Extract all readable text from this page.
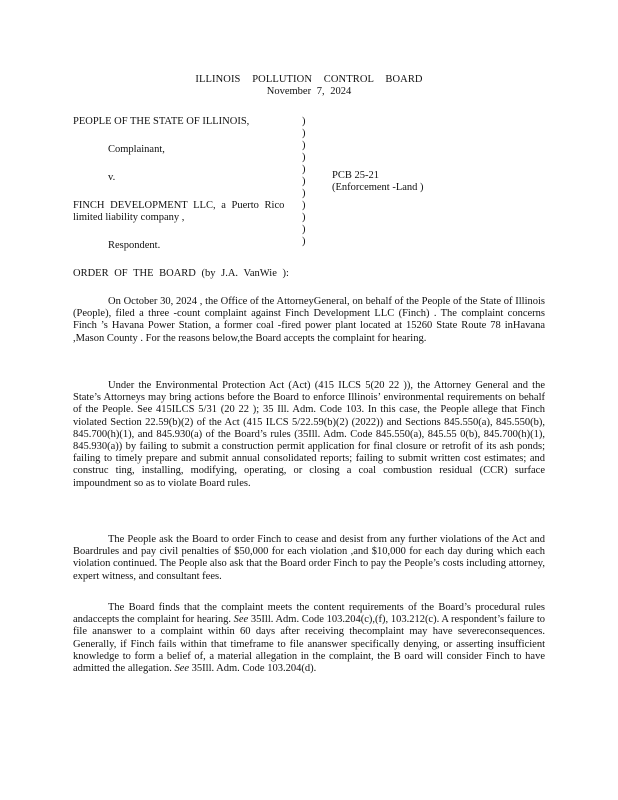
ILLINOIS POLLUTION CONTROL BOARD
November 7, 2024
PEOPLE OF THE STATE OF ILLINOIS,
Complainant,
v.
FINCH DEVELOPMENT LLC, a Puerto Rico
limited liability company ,
Respondent.
)
)
)
)
)
)
)
)
)
)
)
PCB 25-21
(Enforcement -Land )
ORDER OF THE BOARD (by J.A. VanWie ):

On October 30, 2024 , the Office of the AttorneyGeneral, on behalf of the People of the State of Illinois (People), filed a three -count complaint against Finch Development LLC (Finch) . The complaint concerns Finch ’s Havana Power Station, a former coal -fired power plant located at 15260 State Route 78 inHavana ,Mason County . For the reasons below,the Board accepts the complaint for hearing.

Under the Environmental Protection Act (Act) (415 ILCS 5(20 22 )), the Attorney General and the State’s Attorneys may bring actions before the Board to enforce Illinois’ environmental requirements on behalf of the People. See 415ILCS 5/31 (20 22 ); 35 Ill. Adm. Code 103. In this case, the People allege that Finch violated Section 22.59(b)(2) of the Act (415 ILCS 5/22.59(b)(2) (2022)) and Sections 845.550(a), 845.550(b), 845.700(h)(1), and 845.930(a) of the Board’s rules (35Ill. Adm. Code 845.550(a), 845.55 0(b), 845.700(h)(1), 845.930(a)) by failing to submit a construction permit application for final closure or retrofit of its ash ponds; failing to timely prepare and submit annual consolidated reports; failing to submit written cost estimates; and construc ting, installing, modifying, operating, or closing a coal combustion residual (CCR) surface impoundment so as to violate Board rules.

The People ask the Board to order Finch to cease and desist from any further violations of the Act and Boardrules and pay civil penalties of $50,000 for each violation ,and $10,000 for each day during which each violation continued. The People also ask that the Board order Finch to pay the People’s costs including attorney, expert witness, and consultant fees.

The Board finds that the complaint meets the content requirements of the Board’s procedural rules andaccepts the complaint for hearing. See 35Ill. Adm. Code 103.204(c),(f), 103.212(c). A respondent’s failure to file ananswer to a complaint within 60 days after receiving thecomplaint may have severeconsequences. Generally, if Finch fails within that timeframe to file ananswer specifically denying, or asserting insufficient knowledge to form a belief of, a material allegation in the complaint, the B oard will consider Finch to have admitted the allegation. See 35Ill. Adm. Code 103.204(d).
